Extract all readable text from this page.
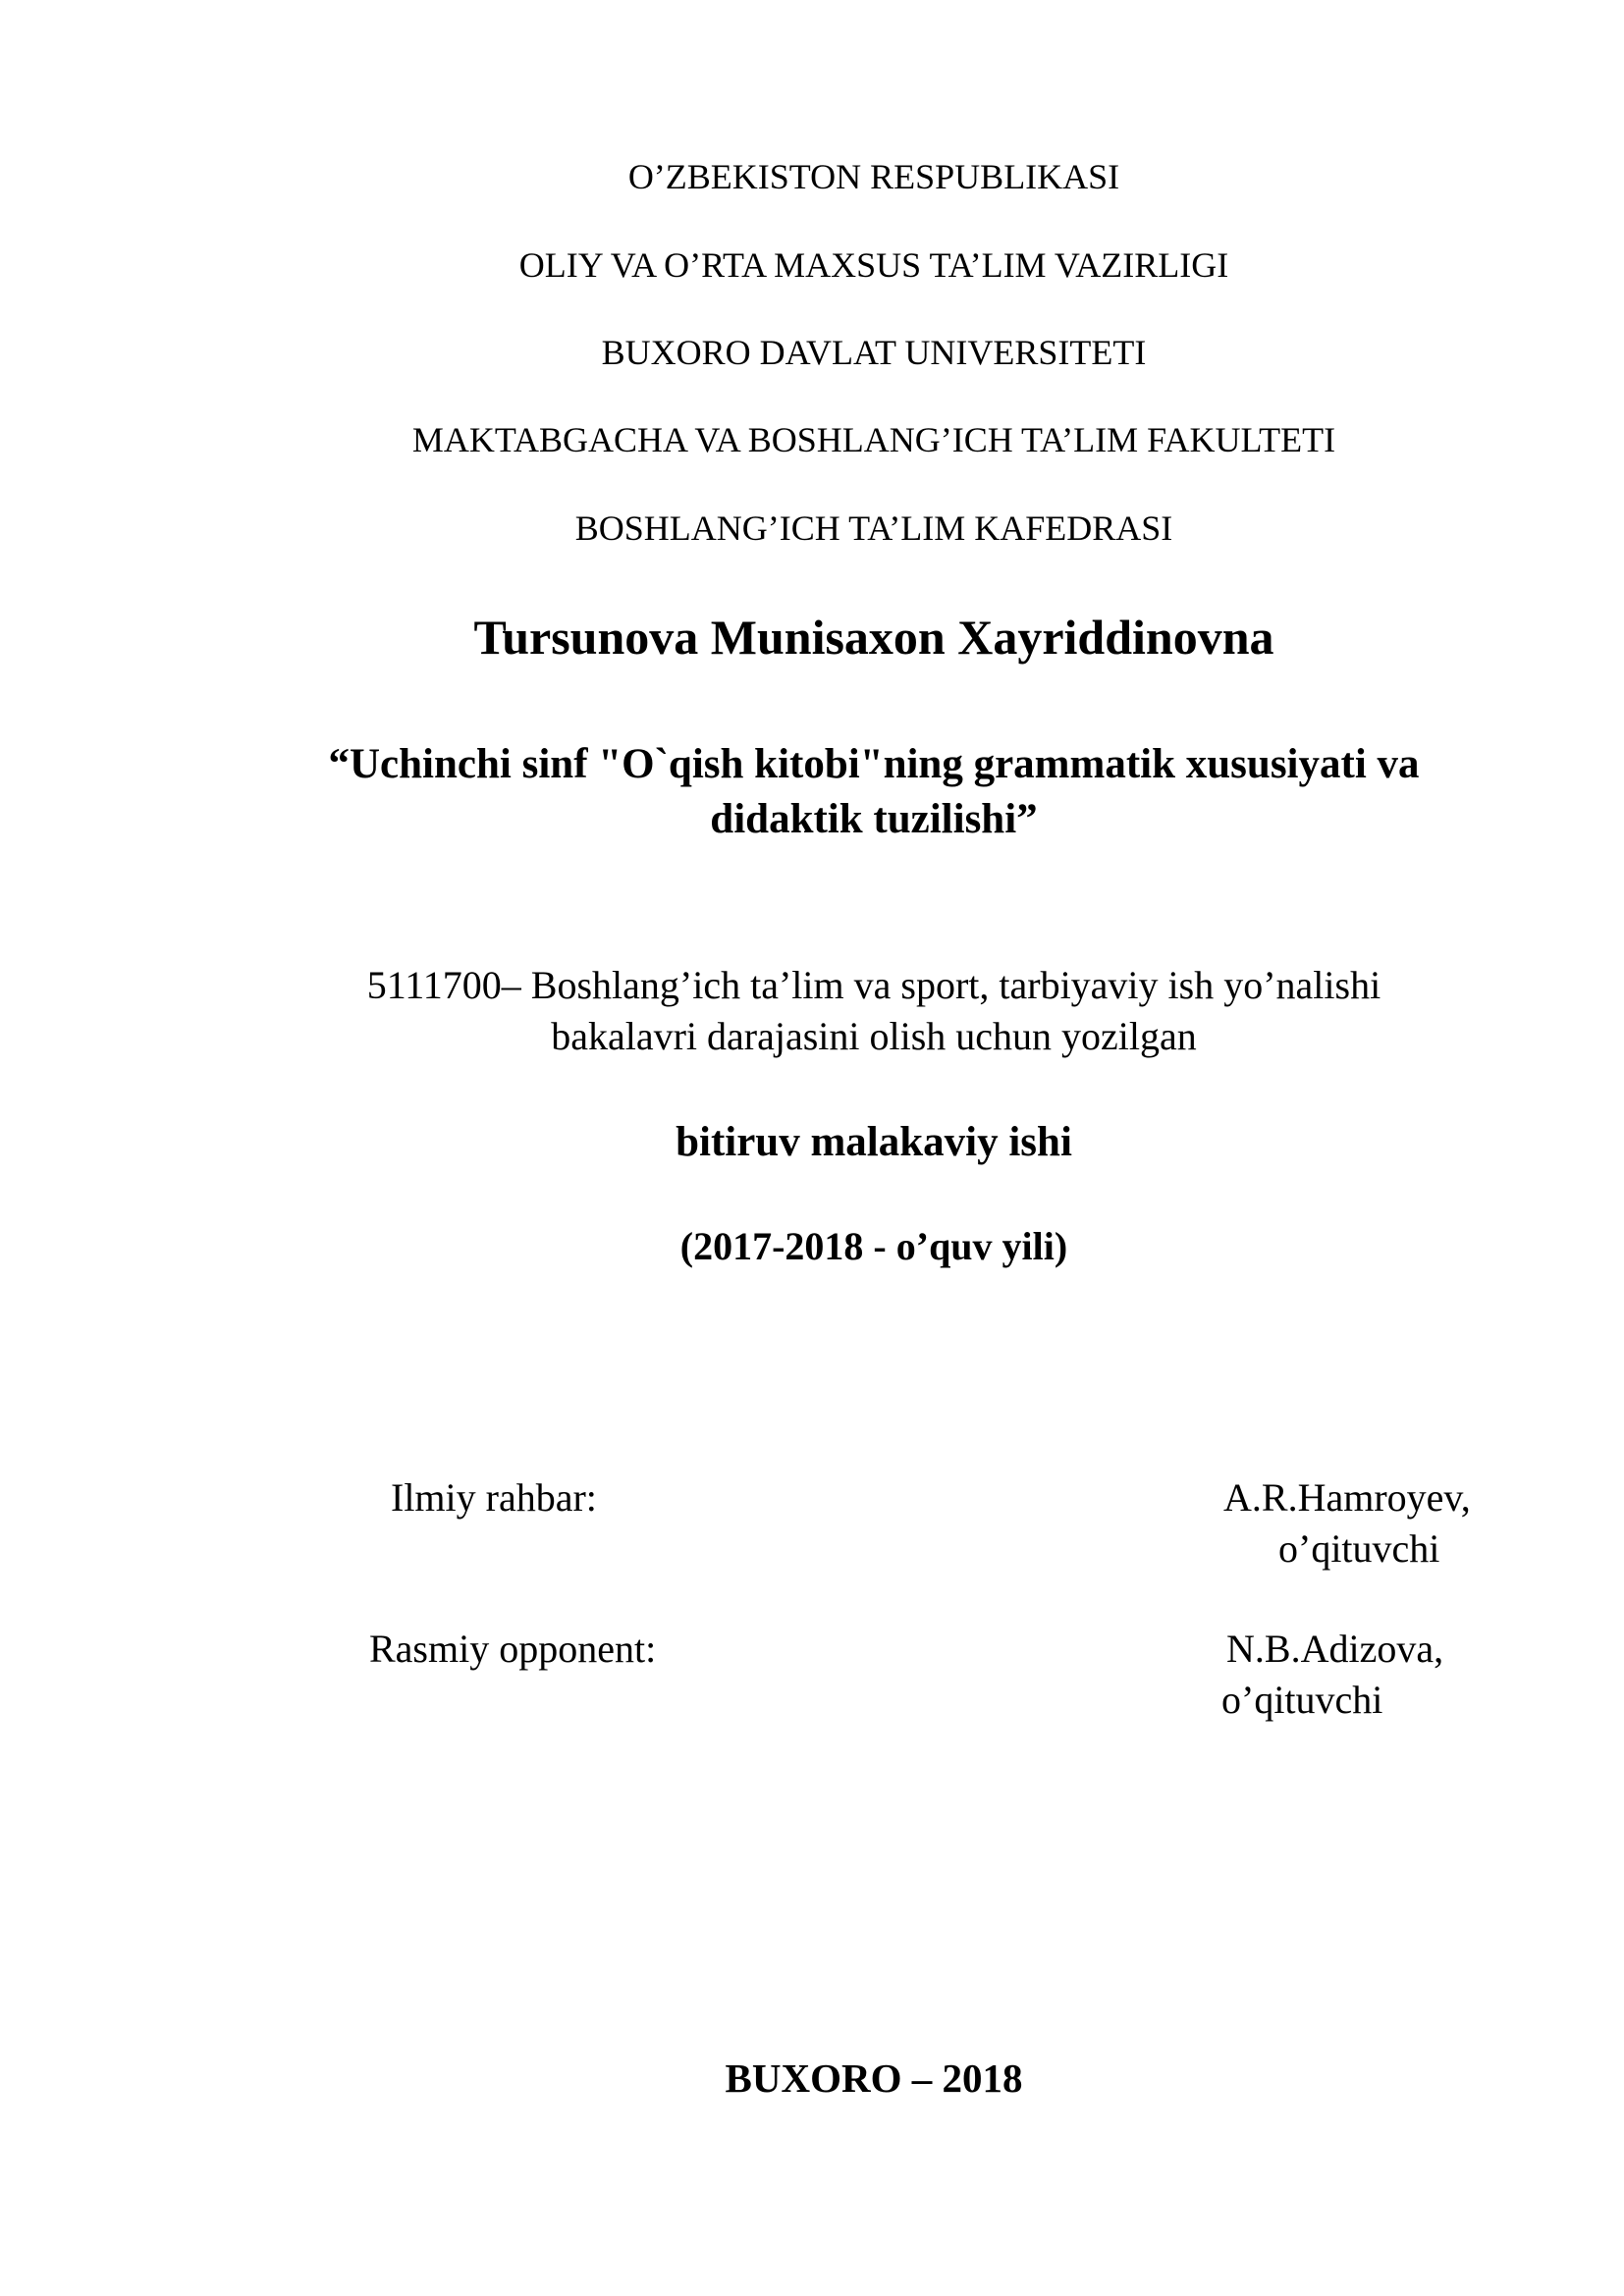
O’ZBEKISTON RESPUBLIKASI
OLIY VA O’RTA MAXSUS TA’LIM VAZIRLIGI
BUXORO DAVLAT UNIVERSITETI
MAKTABGACHA VA BOSHLANG’ICH TA’LIM FAKULTETI
BOSHLANG’ICH TA’LIM KAFEDRASI
Tursunova Munisaxon Xayriddinovna
“Uchinchi sinf "O`qish kitobi"ning grammatik xususiyati va
didaktik tuzilishi”
5111700– Boshlang’ich ta’lim va sport, tarbiyaviy ish yo’nalishi
bakalavri darajasini olish uchun yozilgan
bitiruv malakaviy ishi
(2017-2018 - o’quv yili)
Ilmiy rahbar:	A.R.Hamroyev,
o’qituvchi
Rasmiy opponent:	N.B.Adizova,
o’qituvchi
BUXORO – 2018
